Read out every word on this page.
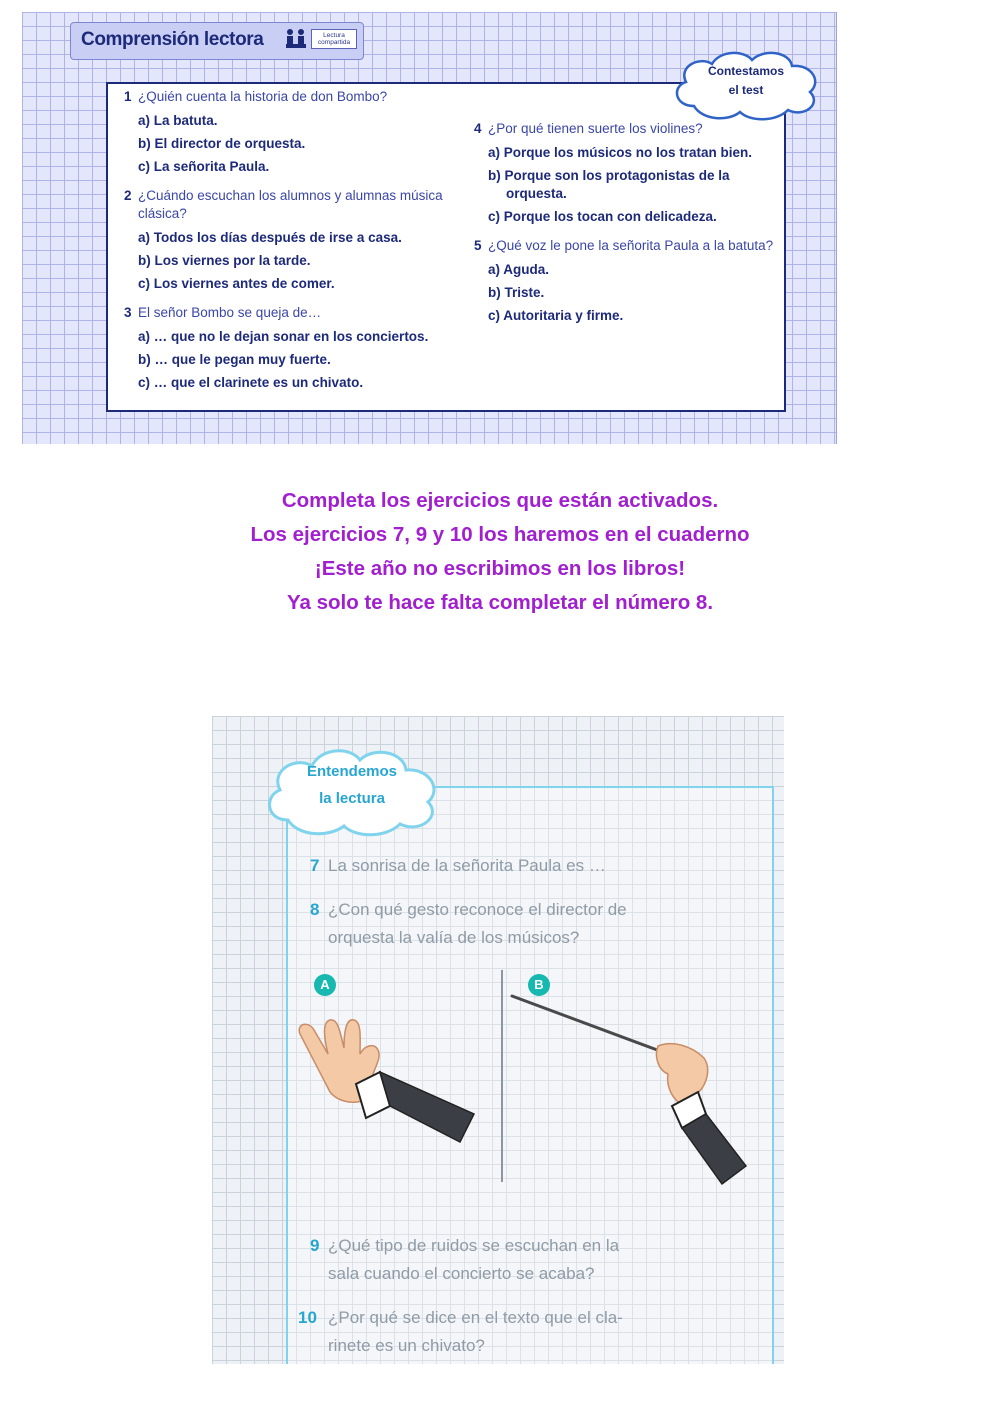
Comprensión lectora	Lectura compartida
Contestamos
el test
1 ¿Quién cuenta la historia de don Bombo?
a) La batuta.
b) El director de orquesta.
c) La señorita Paula.
2 ¿Cuándo escuchan los alumnos y alumnas música clásica?
a) Todos los días después de irse a casa.
b) Los viernes por la tarde.
c) Los viernes antes de comer.
3 El señor Bombo se queja de…
a) … que no le dejan sonar en los conciertos.
b) … que le pegan muy fuerte.
c) … que el clarinete es un chivato.
4 ¿Por qué tienen suerte los violines?
a) Porque los músicos no los tratan bien.
b) Porque son los protagonistas de la orquesta.
c) Porque los tocan con delicadeza.
5 ¿Qué voz le pone la señorita Paula a la batuta?
a) Aguda.
b) Triste.
c) Autoritaria y firme.
Completa los ejercicios que están activados.
Los ejercicios 7, 9 y 10 los haremos en el cuaderno
¡Este año no escribimos en los libros!
Ya solo te hace falta completar el número 8.
Entendemos
la lectura
7 La sonrisa de la señorita Paula es …
8 ¿Con qué gesto reconoce el director de
orquesta la valía de los músicos?
A	B
9 ¿Qué tipo de ruidos se escuchan en la
sala cuando el concierto se acaba?
10 ¿Por qué se dice en el texto que el cla-
rinete es un chivato?
